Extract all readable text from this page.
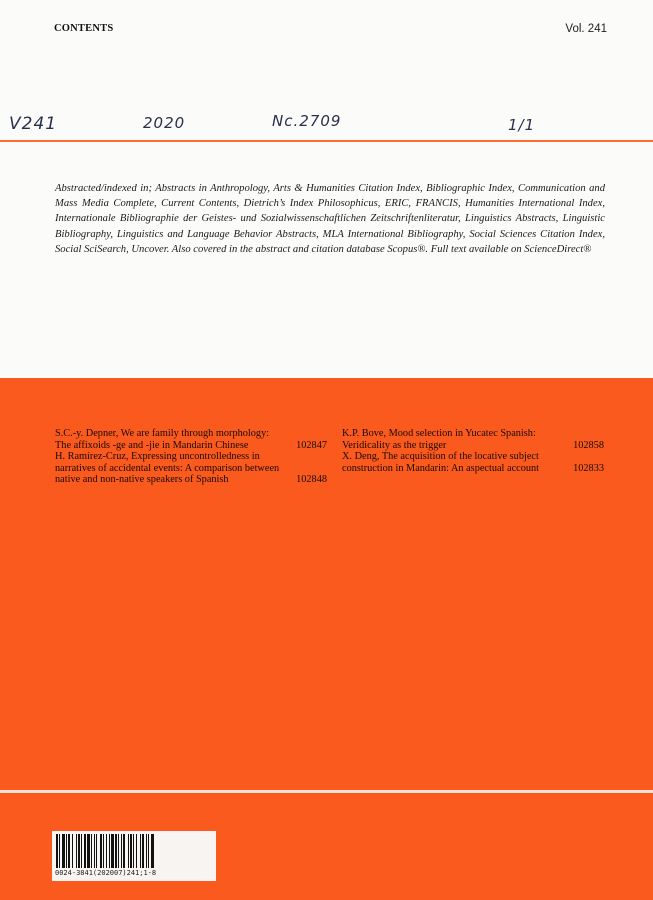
CONTENTS	Vol. 241
V241	2020	Nc.2709	1/1

Abstracted/indexed in; Abstracts in Anthropology, Arts & Humanities Citation Index, Bibliographic Index, Communication and Mass Media Complete, Current Contents, Dietrich’s Index Philosophicus, ERIC, FRANCIS, Humanities International Index, Internationale Bibliographie der Geistes- und Sozialwissenschaftlichen Zeitschriftenliteratur, Linguistics Abstracts, Linguistic Bibliography, Linguistics and Language Behavior Abstracts, MLA International Bibliography, Social Sciences Citation Index, Social SciSearch, Uncover. Also covered in the abstract and citation database Scopus®. Full text available on ScienceDirect®

S.C.-y. Depner, We are family through morphology: The affixoids -ge and -jie in Mandarin Chinese	102847
H. Ramírez-Cruz, Expressing uncontrolledness in narratives of accidental events: A comparison between native and non-native speakers of Spanish	102848
K.P. Bove, Mood selection in Yucatec Spanish: Veridicality as the trigger	102858
X. Deng, The acquisition of the locative subject construction in Mandarin: An aspectual account	102833
0024-3841(202007)241;1-8
